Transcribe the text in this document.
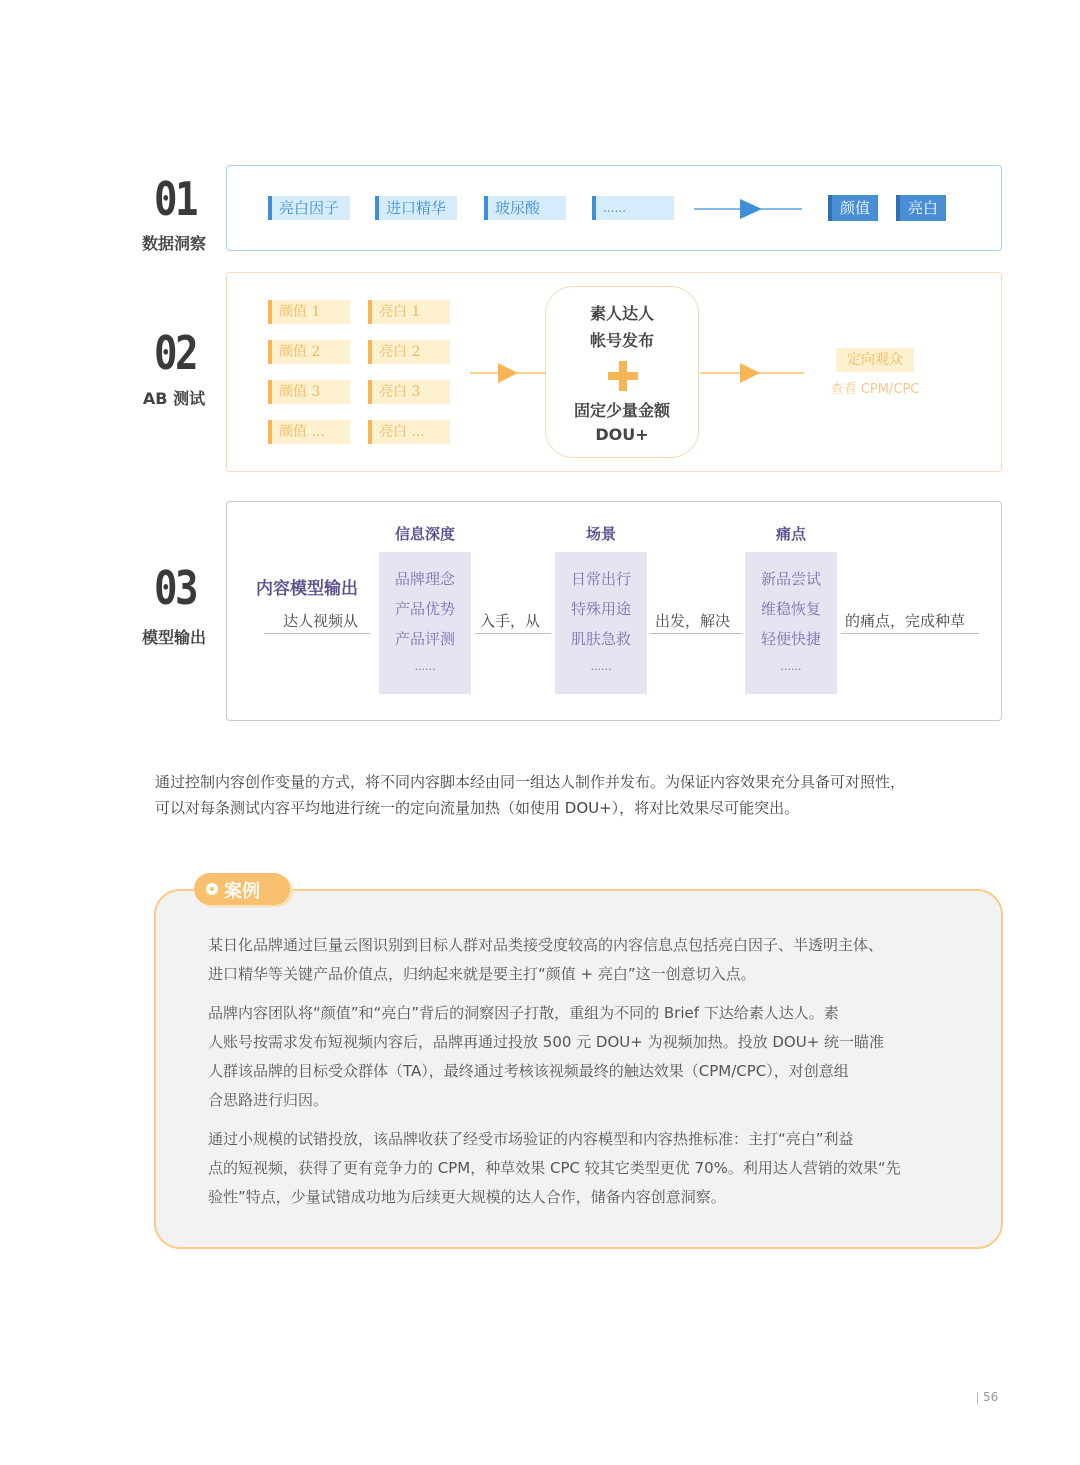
01
数据洞察
亮白因子	进口精华	玻尿酸	......	颜值	亮白
02
AB 测试
颜值 1
颜值 2
颜值 3
颜值 ...
亮白 1
亮白 2
亮白 3
亮白 ...
素人达人
帐号发布
固定少量金额
DOU+
定向观众
查看 CPM/CPC
03
模型输出
内容模型输出
达人视频从
信息深度
品牌理念
产品优势
产品评测
......
入手，从
场景
日常出行
特殊用途
肌肤急救
......
出发，解决
痛点
新品尝试
维稳恢复
轻便快捷
......
的痛点，完成种草
通过控制内容创作变量的方式，将不同内容脚本经由同一组达人制作并发布。为保证内容效果充分具备可对照性，
可以对每条测试内容平均地进行统一的定向流量加热（如使用 DOU+），将对比效果尽可能突出。
案例
某日化品牌通过巨量云图识别到目标人群对品类接受度较高的内容信息点包括亮白因子、半透明主体、
进口精华等关键产品价值点，归纳起来就是要主打“颜值 + 亮白”这一创意切入点。
品牌内容团队将“颜值”和“亮白”背后的洞察因子打散，重组为不同的 Brief 下达给素人达人。素
人账号按需求发布短视频内容后，品牌再通过投放 500 元 DOU+ 为视频加热。投放 DOU+ 统一瞄准
人群该品牌的目标受众群体（TA），最终通过考核该视频最终的触达效果（CPM/CPC），对创意组
合思路进行归因。
通过小规模的试错投放，该品牌收获了经受市场验证的内容模型和内容热推标准：主打“亮白”利益
点的短视频，获得了更有竞争力的 CPM，种草效果 CPC 较其它类型更优 70%。利用达人营销的效果“先
验性”特点，少量试错成功地为后续更大规模的达人合作，储备内容创意洞察。
56
